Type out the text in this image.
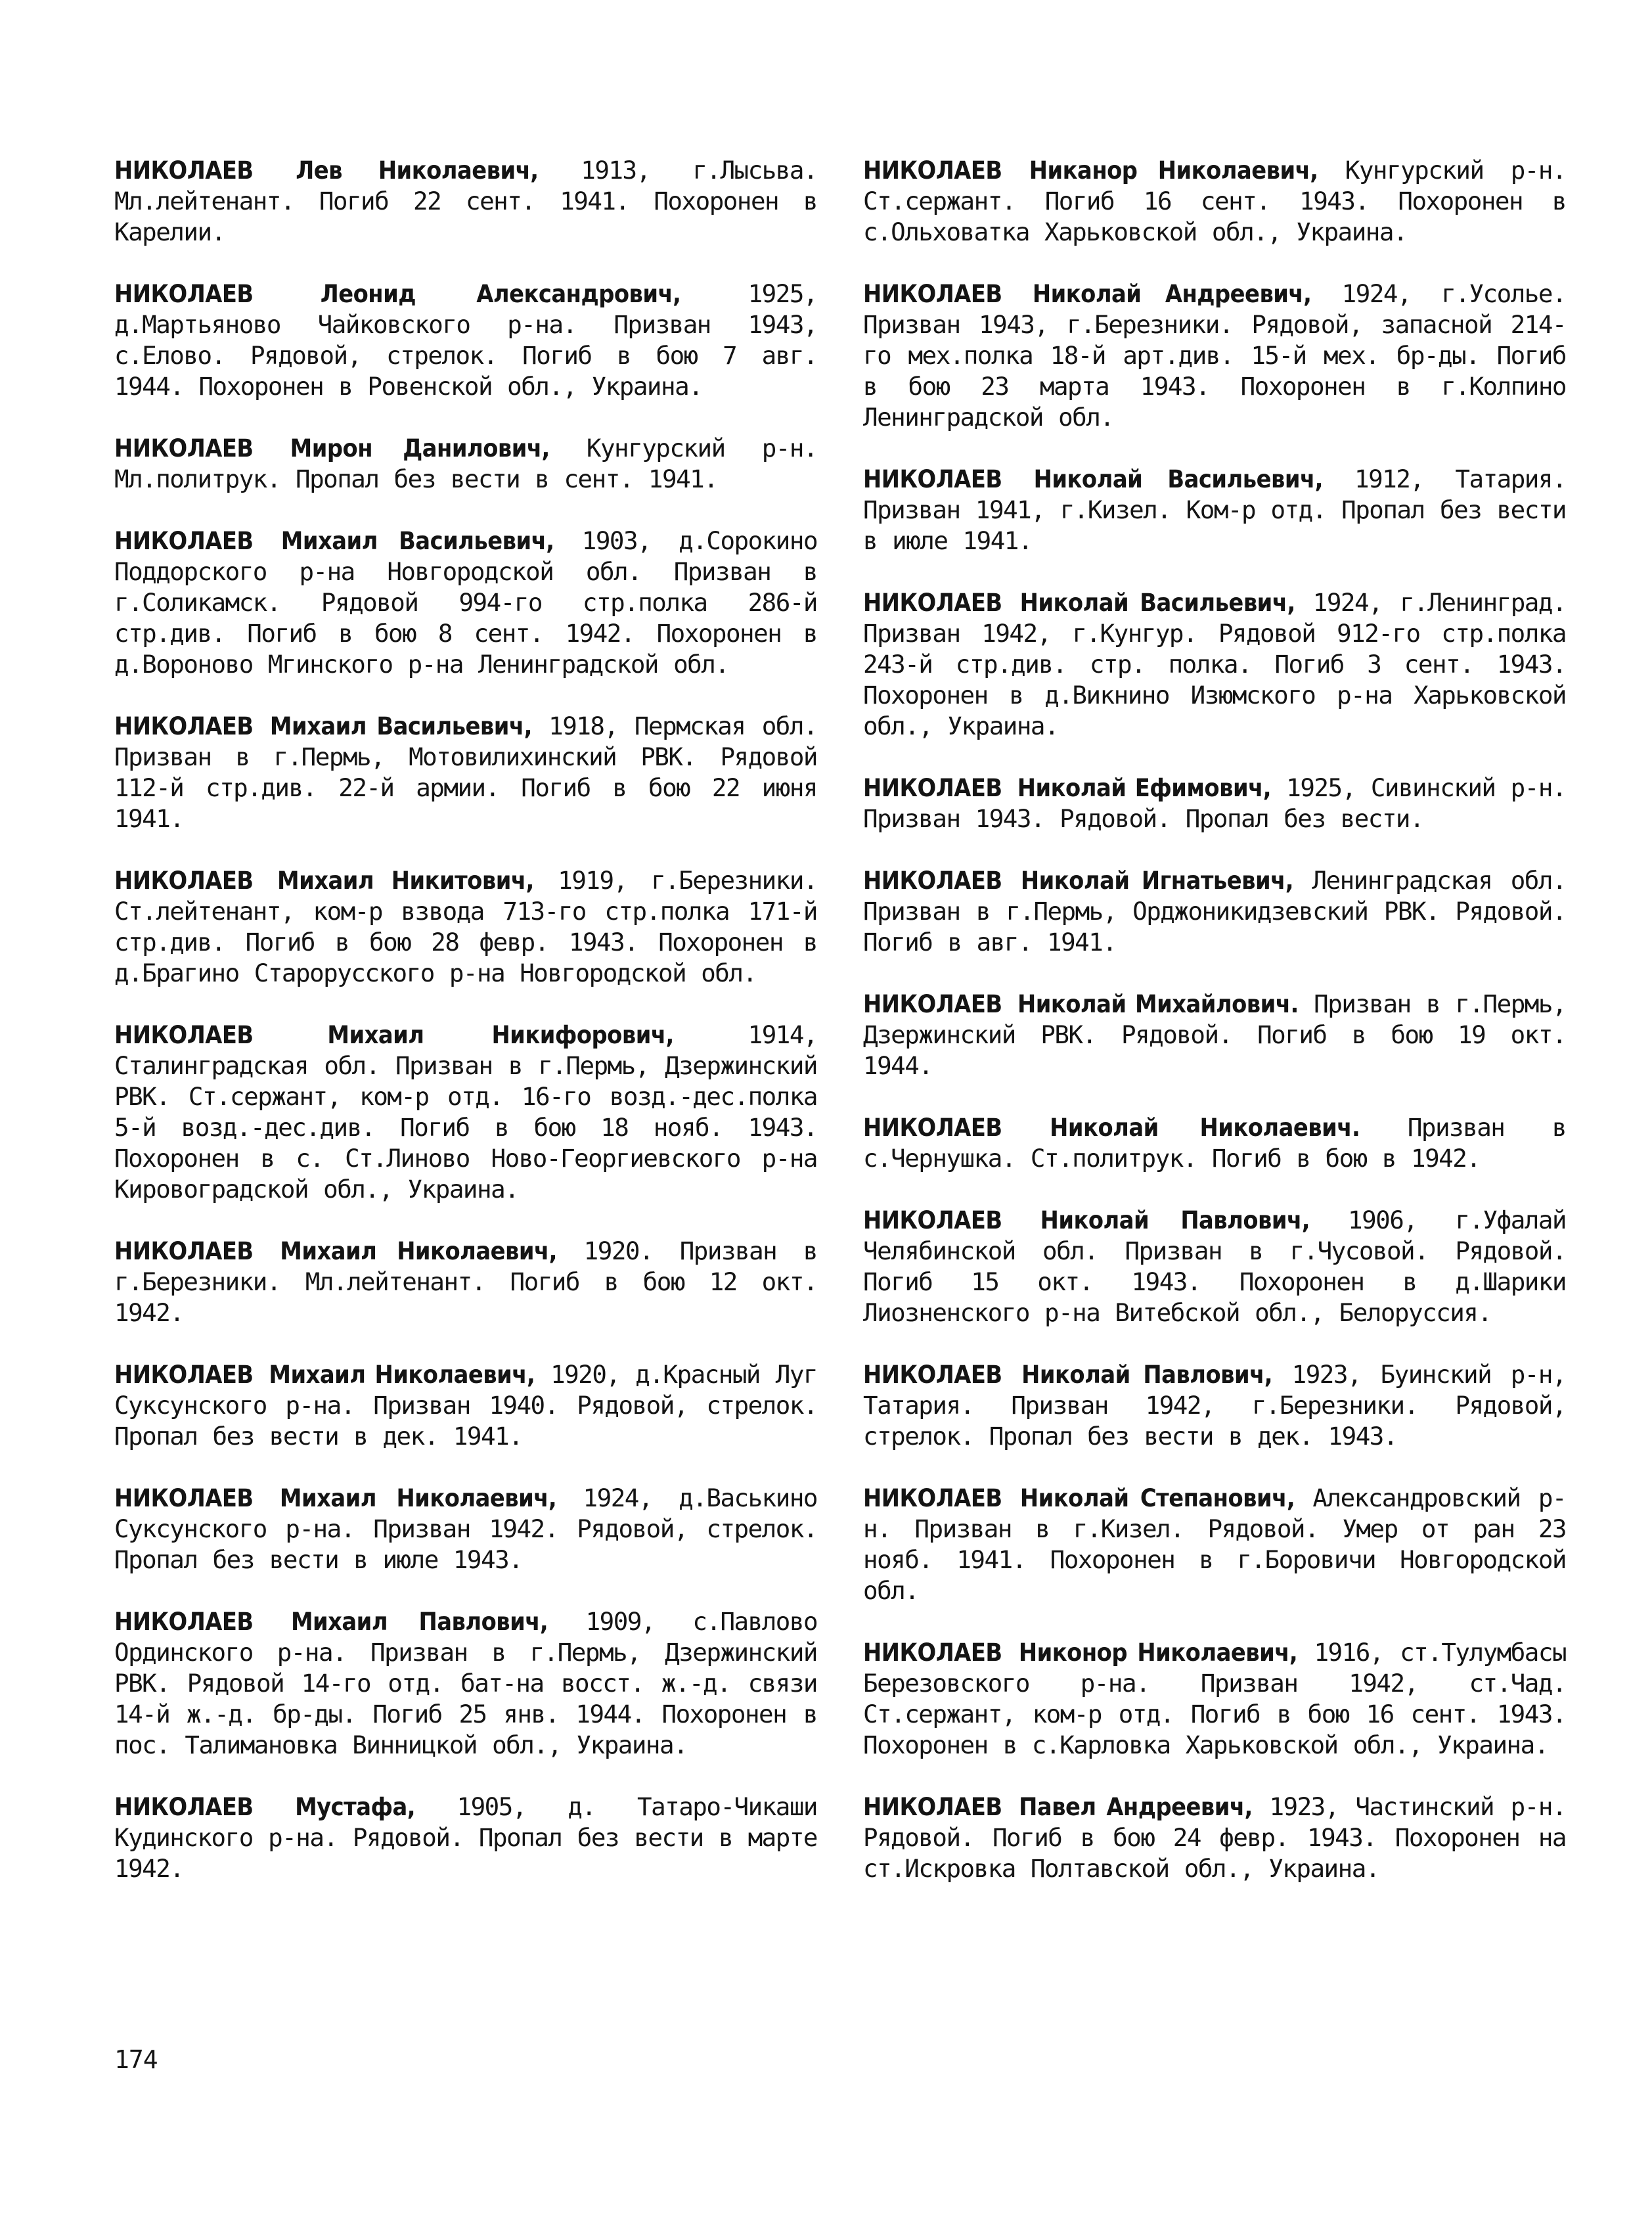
НИКОЛАЕВ Лев Николаевич, 1913, г.Лысьва. Мл.лейтенант. Погиб 22 сент. 1941. Похоронен в Карелии.

НИКОЛАЕВ	Леонид Александрович,	1925, д.Мартьяново Чайковского р-на. Призван 1943, с.Елово. Рядовой, стрелок. Погиб в бою 7 авг. 1944. Похоронен в Ровенской обл., Украина.

НИКОЛАЕВ Мирон Данилович, Кунгурский р-н. Мл.политрук. Пропал без вести в сент. 1941.

НИКОЛАЕВ Михаил Васильевич, 1903, д.Сорокино Поддорского р-на Новгородской обл. Призван в г.Соликамск. Рядовой 994-го стр.полка 286-й стр.див. Погиб в бою 8 сент. 1942. Похоронен в д.Вороново Мгинского р-на Ленинградской обл.

НИКОЛАЕВ Михаил Васильевич, 1918, Пермская обл. Призван в г.Пермь, Мотовилихинский РВК. Рядовой 112-й стр.див. 22-й армии. Погиб в бою 22 июня 1941.

НИКОЛАЕВ Михаил Никитович, 1919, г.Березники. Ст.лейтенант, ком-р взвода 713-го стр.полка 171-й стр.див. Погиб в бою 28 февр. 1943. Похоронен в д.Брагино Старорусского р-на Новгородской обл.

НИКОЛАЕВ	Михаил Никифорович,	1914, Сталинградская обл. Призван в г.Пермь, Дзержинский РВК. Ст.сержант, ком-р отд. 16-го возд.-дес.полка 5-й возд.-дес.див. Погиб в бою 18 нояб. 1943. Похоронен в с. Ст.Линово Ново-Георгиевского р-на Кировоградской обл., Украина.

НИКОЛАЕВ Михаил Николаевич, 1920. Призван в г.Березники. Мл.лейтенант. Погиб в бою 12 окт. 1942.

НИКОЛАЕВ Михаил Николаевич, 1920, д.Красный Луг Суксунского р-на. Призван 1940. Рядовой, стрелок. Пропал без вести в дек. 1941.

НИКОЛАЕВ Михаил Николаевич, 1924, д.Васькино Суксунского р-на. Призван 1942. Рядовой, стрелок. Пропал без вести в июле 1943.

НИКОЛАЕВ Михаил Павлович, 1909, с.Павлово Ординского р-на. Призван в г.Пермь, Дзержинский РВК. Рядовой 14-го отд. бат-на восст. ж.-д. связи 14-й ж.-д. бр-ды. Погиб 25 янв. 1944. Похоронен в пос. Талимановка Винницкой обл., Украина.

НИКОЛАЕВ Мустафа, 1905, д. Татаро-Чикаши Кудинского р-на. Рядовой. Пропал без вести в марте 1942.

НИКОЛАЕВ Никанор Николаевич, Кунгурский р-н. Ст.сержант. Погиб 16 сент. 1943. Похоронен в с.Ольховатка Харьковской обл., Украина.

НИКОЛАЕВ Николай Андреевич, 1924, г.Усолье. Призван 1943, г.Березники. Рядовой, запасной 214-го мех.полка 18-й арт.див. 15-й мех. бр-ды. Погиб в бою 23 марта 1943. Похоронен в г.Колпино Ленинградской обл.

НИКОЛАЕВ Николай Васильевич, 1912, Татария. Призван 1941, г.Кизел. Ком-р отд. Пропал без вести в июле 1941.

НИКОЛАЕВ Николай Васильевич, 1924, г.Ленинград. Призван 1942, г.Кунгур. Рядовой 912-го стр.полка 243-й стр.див. стр. полка. Погиб 3 сент. 1943. Похоронен в д.Викнино Изюмского р-на Харьковской обл., Украина.

НИКОЛАЕВ Николай Ефимович, 1925, Сивинский р-н. Призван 1943. Рядовой. Пропал без вести.

НИКОЛАЕВ Николай Игнатьевич, Ленинградская обл. Призван в г.Пермь, Орджоникидзевский РВК. Рядовой. Погиб в авг. 1941.

НИКОЛАЕВ Николай Михайлович. Призван в г.Пермь, Дзержинский РВК. Рядовой. Погиб в бою 19 окт. 1944.

НИКОЛАЕВ Николай Николаевич. Призван в с.Чернушка. Ст.политрук. Погиб в бою в 1942.

НИКОЛАЕВ Николай Павлович, 1906, г.Уфалай Челябинской обл. Призван в г.Чусовой. Рядовой. Погиб 15 окт. 1943. Похоронен в д.Шарики Лиозненского р-на Витебской обл., Белоруссия.

НИКОЛАЕВ Николай Павлович, 1923, Буинский р-н, Татария. Призван 1942, г.Березники. Рядовой, стрелок. Пропал без вести в дек. 1943.

НИКОЛАЕВ Николай Степанович, Александровский р-н. Призван в г.Кизел. Рядовой. Умер от ран 23 нояб. 1941. Похоронен в г.Боровичи Новгородской обл.

НИКОЛАЕВ Никонор Николаевич, 1916, ст.Тулумбасы Березовского р-на. Призван 1942, ст.Чад. Ст.сержант, ком-р отд. Погиб в бою 16 сент. 1943. Похоронен в с.Карловка Харьковской обл., Украина.

НИКОЛАЕВ Павел Андреевич, 1923, Частинский р-н. Рядовой. Погиб в бою 24 февр. 1943. Похоронен на ст.Искровка Полтавской обл., Украина.

174
